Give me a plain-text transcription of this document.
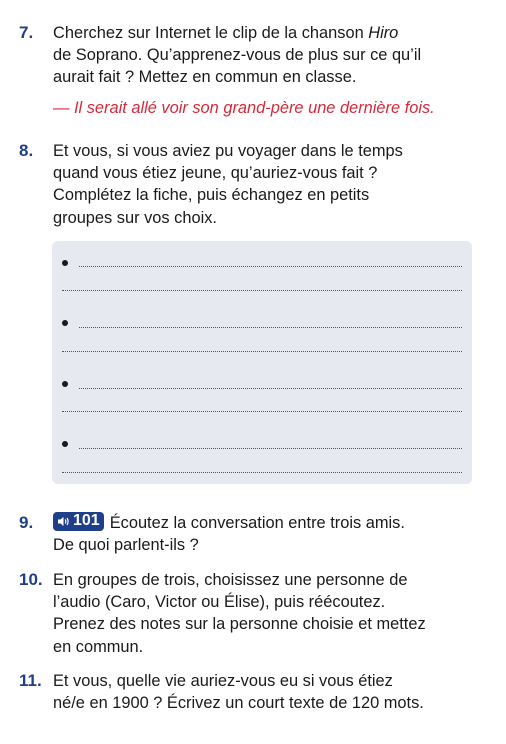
7. Cherchez sur Internet le clip de la chanson Hiro
de Soprano. Qu’apprenez-vous de plus sur ce qu’il
aurait fait ? Mettez en commun en classe.
— Il serait allé voir son grand-père une dernière fois.
8. Et vous, si vous aviez pu voyager dans le temps
quand vous étiez jeune, qu’auriez-vous fait ?
Complétez la fiche, puis échangez en petits
groupes sur vos choix.
9. 101 Écoutez la conversation entre trois amis.
De quoi parlent-ils ?
10. En groupes de trois, choisissez une personne de
l’audio (Caro, Victor ou Élise), puis réécoutez.
Prenez des notes sur la personne choisie et mettez
en commun.
11. Et vous, quelle vie auriez-vous eu si vous étiez
né/e en 1900 ? Écrivez un court texte de 120 mots.
